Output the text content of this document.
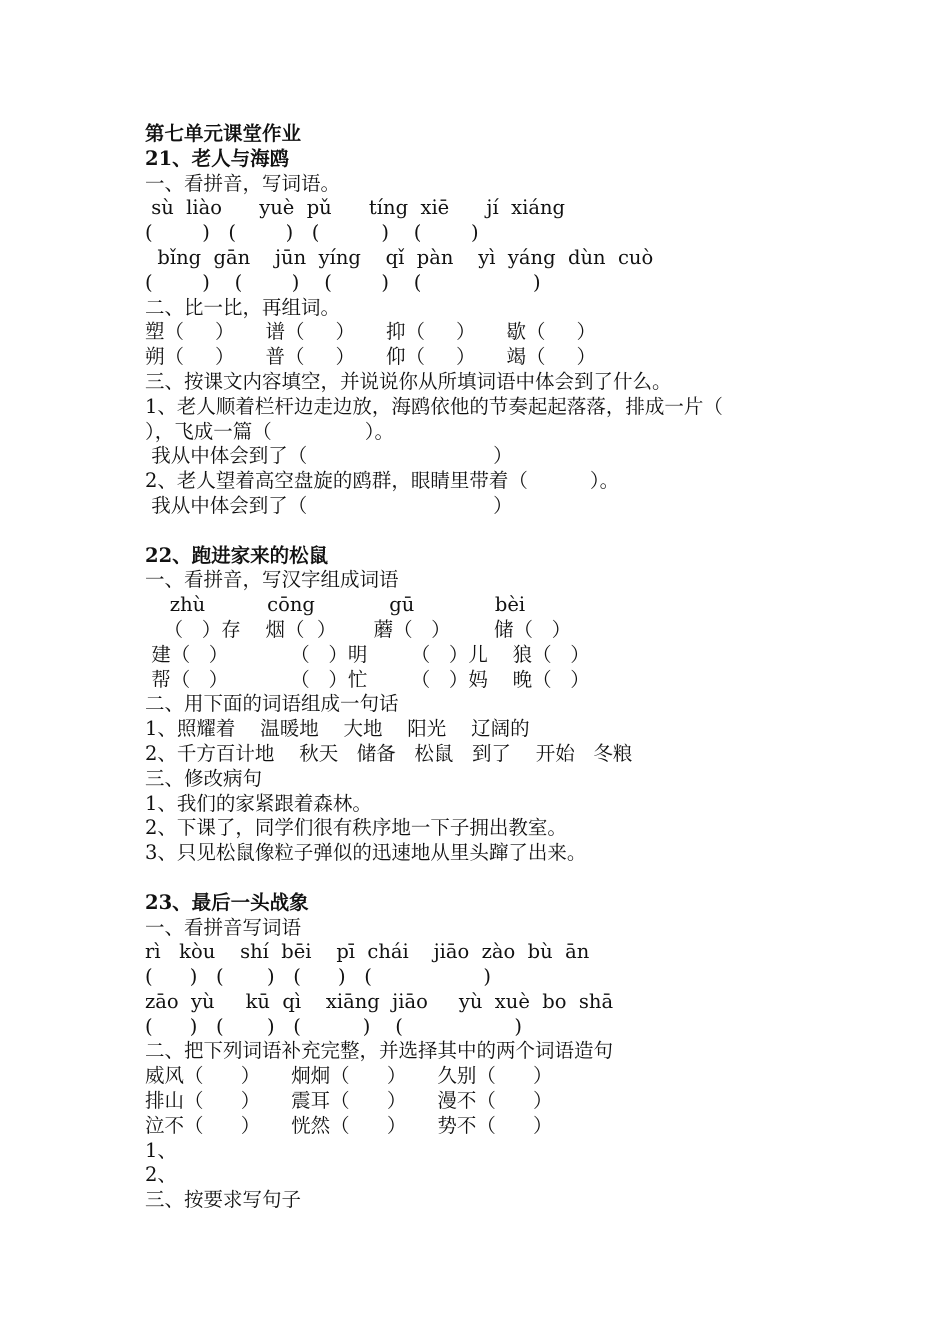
第七单元课堂作业
21、老人与海鸥
一、看拼音，写词语。
sù  liào      yuè  pǔ      tíng  xiē      jí  xiáng
(        )   (        )   (          )    (        )
bǐng  gān    jūn  yíng    qǐ  pàn    yì  yáng  dùn  cuò
(        )    (        )    (        )    (                  )
二、比一比，再组词。
塑（     ）     谱（     ）     抑（     ）     歇（     ）
朔（     ）     普（     ）     仰（     ）     竭（     ）
三、按课文内容填空，并说说你从所填词语中体会到了什么。
1、老人顺着栏杆边走边放，海鸥依他的节奏起起落落，排成一片（
），飞成一篇（               ）。
我从中体会到了（                              ）
2、老人望着高空盘旋的鸥群，眼睛里带着（          ）。
我从中体会到了（                              ）
22、跑进家来的松鼠
一、看拼音，写汉字组成词语
zhù          cōng            gū             bèi
（   ）存    烟（  ）      蘑（   ）       储（   ）
建（   ）          （   ）明       （   ）儿    狼（   ）
帮（   ）          （   ）忙       （   ）妈    晚（   ）
二、用下面的词语组成一句话
1、照耀着    温暖地    大地    阳光    辽阔的
2、千方百计地    秋天   储备   松鼠   到了    开始   冬粮
三、修改病句
1、我们的家紧跟着森林。
2、下课了，同学们很有秩序地一下子拥出教室。
3、只见松鼠像粒子弹似的迅速地从里头蹿了出来。
23、最后一头战象
一、看拼音写词语
rì   kòu    shí  bēi    pī  chái    jiāo  zào  bù  ān
(      )   (       )   (      )   (                  )
zāo  yù     kū  qì    xiāng  jiāo     yù  xuè  bo  shā
(      )   (       )   (          )    (                  )
二、把下列词语补充完整，并选择其中的两个词语造句
威风（      ）     炯炯（      ）     久别（      ）
排山（      ）     震耳（      ）     漫不（      ）
泣不（      ）     恍然（      ）     势不（      ）
1、
2、
三、按要求写句子
